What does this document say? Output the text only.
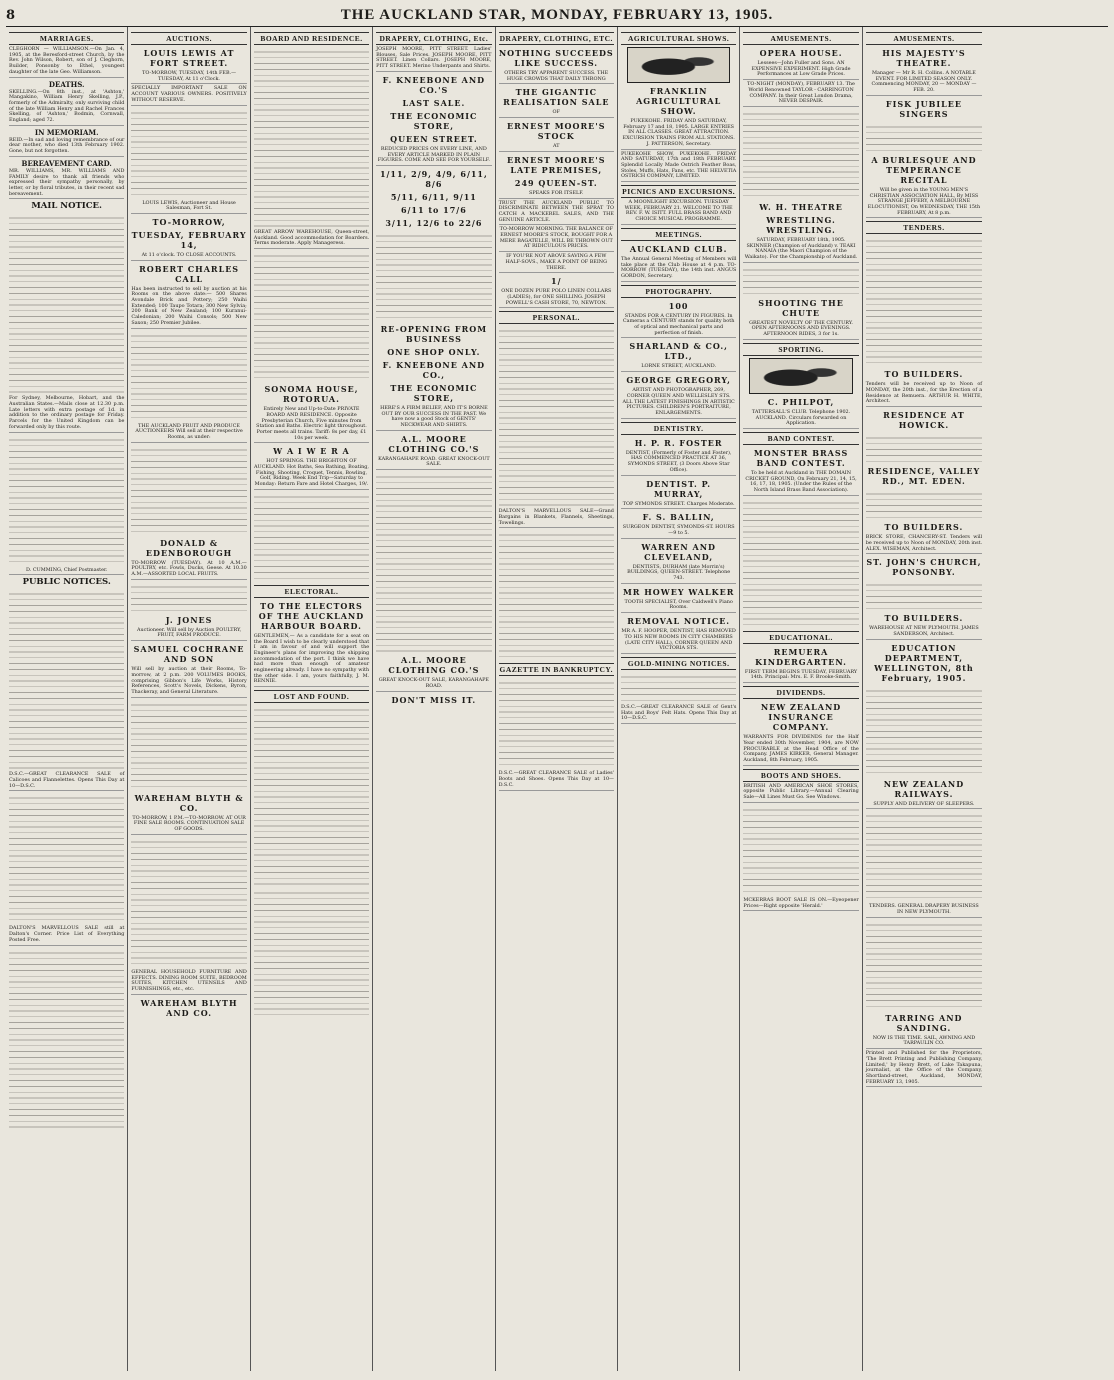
8	THE AUCKLAND STAR, MONDAY, FEBRUARY 13, 1905.
MARRIAGES.

CLEGHORN — WILLIAMSON.—On Jan. 4, 1905, at the Beresford-street Church, by the Rev. John Wilson, Robert, son of J. Cleghorn, Builder, Ponsonby to Ethel, youngest daughter of the late Geo. Williamson.

DEATHS.

SKELLING.—On 8th inst., at 'Ashton,' Mangakino, William Henry Skelling, J.P., formerly of the Admiralty, only surviving child of the late William Henry and Rachel Frances Skelling, of 'Ashton,' Bodmin, Cornwall, England; aged 72.

IN MEMORIAM.

REID.—In sad and loving remembrance of our dear mother, who died 13th February 1902. Gone, but not forgotten.

BEREAVEMENT CARD.

MR. WILLIAMS, MR. WILLIAMS AND FAMILY desire to thank all friends who expressed their sympathy personally, by letter, or by floral tributes, in their recent sad bereavement.

MAIL NOTICE.

For Sydney, Melbourne, Hobart, and the Australian States.—Mails close at 12.30 p.m. Late letters with extra postage of 1d. in addition to the ordinary postage for Friday. Parcels for the United Kingdom can be forwarded only by this route.

D. CUMMING, Chief Postmaster.

PUBLIC NOTICES.

D.S.C.—GREAT CLEARANCE SALE of Calicoes and Flannelettes. Opens This Day at 10—D.S.C.

DALTON'S MARVELLOUS SALE still at Dalton's Corner. Price List of Everything Posted Free.

AUCTIONS.
LOUIS LEWIS AT FORT STREET.

TO-MORROW, TUESDAY, 14th FEB.—TUESDAY, At 11 o'Clock.

SPECIALLY IMPORTANT SALE ON ACCOUNT VARIOUS OWNERS. POSITIVELY WITHOUT RESERVE.

LOUIS LEWIS, Auctioneer and House Salesman, Fort St.

TO-MORROW,
TUESDAY, FEBRUARY 14,

At 11 o'clock. TO CLOSE ACCOUNTS.

ROBERT CHARLES CALL

Has been instructed to sell by auction at his Rooms on the above date:— 500 Shares Avondale Brick and Pottery; 250 Waihi Extended; 100 Taupo Totara; 300 New Sylvia; 200 Bank of New Zealand; 100 Kuranui-Caledonian; 200 Waihi Consols; 500 New Saxon; 250 Premier Jubilee.

THE AUCKLAND FRUIT AND PRODUCE AUCTIONEERS Will sell at their respective Rooms, as under:

DONALD & EDENBOROUGH

TO-MORROW (TUESDAY). At 10 A.M.—POULTRY, etc. Fowls, Ducks, Geese. At 10.30 A.M.—ASSORTED LOCAL FRUITS.

J. JONES

Auctioneer. Will sell by Auction POULTRY, FRUIT, FARM PRODUCE.

SAMUEL COCHRANE AND SON

Will sell by auction at their Rooms, To-morrow, at 2 p.m. 200 VOLUMES BOOKS, comprising Gibbon's Life Works, History References, Scott's Novels, Dickens, Byron, Thackeray, and General Literature.

WAREHAM BLYTH & CO.

TO-MORROW, 1 P.M.—TO-MORROW. AT OUR FINE SALE ROOMS. CONTINUATION SALE OF GOODS.

GENERAL HOUSEHOLD FURNITURE AND EFFECTS. DINING ROOM SUITE, BEDROOM SUITES, KITCHEN UTENSILS AND FURNISHINGS, etc., etc.

WAREHAM BLYTH AND CO.
BOARD AND RESIDENCE.

GREAT ARROW WAREHOUSE, Queen-street, Auckland. Good accommodation for Boarders. Terms moderate. Apply Manageress.

SONOMA HOUSE, ROTORUA.

Entirely New and Up-to-Date PRIVATE BOARD AND RESIDENCE. Opposite Presbyterian Church, Five minutes from Station and Baths. Electric light throughout. Porter meets all trains. Tariff: 8s per day, £1 10s per week.

W A I W E R A

HOT SPRINGS. THE BRIGHTON OF AUCKLAND. Hot Baths, Sea Bathing, Boating, Fishing, Shooting, Croquet, Tennis, Bowling, Golf, Riding. Week End Trip—Saturday to Monday: Return Fare and Hotel Charges, 19/.

ELECTORAL.
TO THE ELECTORS OF THE AUCKLAND HARBOUR BOARD.

GENTLEMEN,— As a candidate for a seat on the Board I wish to be clearly understood that I am in favour of and will support the Engineer's plans for improving the shipping accommodation of the port. I think we have had more than enough of amateur engineering already. I have no sympathy with the other side. I am, yours faithfully, J. M. RENNIE.

LOST AND FOUND.
DRAPERY, CLOTHING, Etc.

JOSEPH MOORE, PITT STREET. Ladies' Blouses, Sale Prices. JOSEPH MOORE, PITT STREET. Linen Collars. JOSEPH MOORE, PITT STREET. Merino Underpants and Shirts.

F. KNEEBONE AND CO.'S
LAST SALE.
THE ECONOMIC STORE,
QUEEN STREET.

REDUCED PRICES ON EVERY LINE, AND EVERY ARTICLE MARKED IN PLAIN FIGURES. COME AND SEE FOR YOURSELF.

1/11, 2/9, 4/9, 6/11, 8/6
5/11, 6/11, 9/11
6/11 to 17/6
3/11, 12/6 to 22/6
RE-OPENING FROM BUSINESS
ONE SHOP ONLY.
F. KNEEBONE AND CO.,
THE ECONOMIC STORE,

HERE'S A FIRM BELIEF, AND IT'S BORNE OUT BY OUR SUCCESS IN THE PAST. We have now a good Stock of GENTS' NECKWEAR AND SHIRTS.

A.L. MOORE CLOTHING CO.'S

KARANGAHAPE ROAD. GREAT KNOCK-OUT SALE.

A.L. MOORE CLOTHING CO.'S

GREAT KNOCK-OUT SALE, KARANGAHAPE ROAD.

DON'T MISS IT.
DRAPERY, CLOTHING, ETC.
NOTHING SUCCEEDS LIKE SUCCESS.

OTHERS TRY APPARENT SUCCESS. THE HUGE CROWDS THAT DAILY THRONG

THE GIGANTIC REALISATION SALE

OF

ERNEST MOORE'S STOCK

AT

ERNEST MOORE'S LATE PREMISES,
249 QUEEN-ST.

SPEAKS FOR ITSELF.

TRUST THE AUCKLAND PUBLIC TO DISCRIMINATE BETWEEN THE SPRAT TO CATCH A MACKEREL SALES, AND THE GENUINE ARTICLE.

TO-MORROW MORNING. THE BALANCE OF ERNEST MOORE'S STOCK, BOUGHT FOR A MERE BAGATELLE, WILL BE THROWN OUT AT RIDICULOUS PRICES.

IF YOU'RE NOT ABOVE SAVING A FEW HALF-SOVS., MAKE A POINT OF BEING THERE.

1/

ONE DOZEN PURE POLO LINEN COLLARS (LADIES), for ONE SHILLING. JOSEPH POWELL'S CASH STORE, 70, NEWTON.

PERSONAL.

DALTON'S MARVELLOUS SALE—Grand Bargains in Blankets, Flannels, Sheetings, Towelings.

GAZETTE IN BANKRUPTCY.

D.S.C.—GREAT CLEARANCE SALE of Ladies' Boots and Shoes. Opens This Day at 10—D.S.C.

AGRICULTURAL SHOWS.
FRANKLIN AGRICULTURAL SHOW.

PUKEKOHE. FRIDAY AND SATURDAY, February 17 and 18, 1905. LARGE ENTRIES IN ALL CLASSES. GREAT ATTRACTION. EXCURSION TRAINS FROM ALL STATIONS. J. PATTERSON, Secretary.

PUKEKOHE SHOW, PUKEKOHE. FRIDAY AND SATURDAY, 17th and 18th FEBRUARY. Splendid Locally Made Ostrich Feather Boas, Stoles, Muffs, Hats, Fans, etc. THE HELVETIA OSTRICH COMPANY, LIMITED.

PICNICS AND EXCURSIONS.

A MOONLIGHT EXCURSION. TUESDAY WEEK, FEBRUARY 21. WELCOME TO THE REV. F. W. ISITT. FULL BRASS BAND AND CHOICE MUSICAL PROGRAMME.

MEETINGS.
AUCKLAND CLUB.

The Annual General Meeting of Members will take place at the Club House at 4 p.m. TO-MORROW (TUESDAY), the 14th inst. ANGUS GORDON, Secretary.

PHOTOGRAPHY.
100

STANDS FOR A CENTURY IN FIGURES. In Cameras a CENTURY stands for quality both of optical and mechanical parts and perfection of finish.

SHARLAND & CO., LTD.,

LORNE STREET, AUCKLAND.

GEORGE GREGORY,

ARTIST AND PHOTOGRAPHER, 269, CORNER QUEEN AND WELLESLEY STS. ALL THE LATEST FINISHINGS IN ARTISTIC PICTURES. CHILDREN'S PORTRAITURE, ENLARGEMENTS.

DENTISTRY.
H. P. R. FOSTER

DENTIST, (Formerly of Foster and Foster), HAS COMMENCED PRACTICE AT 36, SYMONDS STREET, (3 Doors Above Star Office).

DENTIST. P. MURRAY,

TOP SYMONDS STREET. Charges Moderate.

F. S. BALLIN,

SURGEON DENTIST, SYMONDS-ST. HOURS—9 to 5.

WARREN AND CLEVELAND,

DENTISTS, DURHAM (late Morrin's) BUILDINGS, QUEEN-STREET. Telephone 743.

MR HOWEY WALKER

TOOTH SPECIALIST, Over Caldwell's Piano Rooms.

REMOVAL NOTICE.

MR A. F. HOOPER, DENTIST, HAS REMOVED TO HIS NEW ROOMS IN CITY CHAMBERS (LATE CITY HALL), CORNER QUEEN AND VICTORIA STS.

GOLD-MINING NOTICES.

D.S.C.—GREAT CLEARANCE SALE of Gent's Hats and Boys' Felt Hats. Opens This Day at 10—D.S.C.

AMUSEMENTS.
OPERA HOUSE.

Lessees—John Fuller and Sons. AN EXPENSIVE EXPERIMENT. High Grade Performances at Low Grade Prices.

TO-NIGHT (MONDAY), FEBRUARY 13. The World Renowned TAYLOR - CARRINGTON COMPANY. In their Great London Drama, NEVER DESPAIR.

W. H. THEATRE
WRESTLING. WRESTLING.

SATURDAY, FEBRUARY 18th, 1905. SKINNER (Champion of Auckland) v. TEAKI NANAIA (the Maori Champion of the Waikato). For the Championship of Auckland.

SHOOTING THE CHUTE

GREATEST NOVELTY OF THE CENTURY. OPEN AFTERNOONS AND EVENINGS. AFTERNOON RIDES, 3 for 1s.

SPORTING.
C. PHILPOT,

TATTERSALL'S CLUB. Telephone 1902. AUCKLAND. Circulars forwarded on Application.

BAND CONTEST.
MONSTER BRASS BAND CONTEST.

To be held at Auckland in THE DOMAIN CRICKET GROUND, On February 21, 14, 15, 16, 17, 18, 1905. (Under the Rules of the North Island Brass Band Association).

EDUCATIONAL.
REMUERA KINDERGARTEN.

FIRST TERM BEGINS TUESDAY, FEBRUARY 14th. Principal: Mrs. E. F. Brooke-Smith.

DIVIDENDS.
NEW ZEALAND INSURANCE COMPANY.

WARRANTS FOR DIVIDENDS for the Half Year ended 30th November, 1904, are NOW PROCURABLE at the Head Office of the Company. JAMES KIRKER, General Manager. Auckland, 8th February, 1905.

BOOTS AND SHOES.

BRITISH AND AMERICAN SHOE STORES, opposite Public Library.—Annual Clearing Sale—All Lines Must Go. See Windows.

MCKERRAS BOOT SALE IS ON.—Eyeopener Prices—Right opposite 'Herald.'

AMUSEMENTS.
HIS MAJESTY'S THEATRE.

Manager — Mr R. H. Collins. A NOTABLE EVENT. FOR LIMITED SEASON ONLY. Commencing MONDAY, 20 — MONDAY — FEB. 20.

FISK JUBILEE SINGERS
A BURLESQUE AND TEMPERANCE RECITAL

Will be given in the YOUNG MEN'S CHRISTIAN ASSOCIATION HALL, By MISS STRANGE JEFFERY, A MELBOURNE ELOCUTIONIST, On WEDNESDAY, THE 15th FEBRUARY, At 8 p.m.

TENDERS.
TO BUILDERS.

Tenders will be received up to Noon of MONDAY, the 20th inst., for the Erection of a Residence at Remuera. ARTHUR H. WHITE, Architect.

RESIDENCE AT HOWICK.
RESIDENCE, VALLEY RD., MT. EDEN.
TO BUILDERS.

BRICK STORE, CHANCERY-ST. Tenders will be received up to Noon of MONDAY, 20th inst. ALEX. WISEMAN, Architect.

ST. JOHN'S CHURCH, PONSONBY.
TO BUILDERS.

WAREHOUSE AT NEW PLYMOUTH. JAMES SANDERSON, Architect.

EDUCATION DEPARTMENT, WELLINGTON, 8th February, 1905.
NEW ZEALAND RAILWAYS.

SUPPLY AND DELIVERY OF SLEEPERS.

TENDERS. GENERAL DRAPERY BUSINESS IN NEW PLYMOUTH.

TARRING AND SANDING.

NOW IS THE TIME. SAIL, AWNING AND TARPAULIN CO.

Printed and Published for the Proprietors, 'The Brett Printing and Publishing Company, Limited,' by Henry Brett, of Lake Takapuna, journalist, at the Office of the Company, Shortland-street, Auckland, MONDAY, FEBRUARY 13, 1905.
